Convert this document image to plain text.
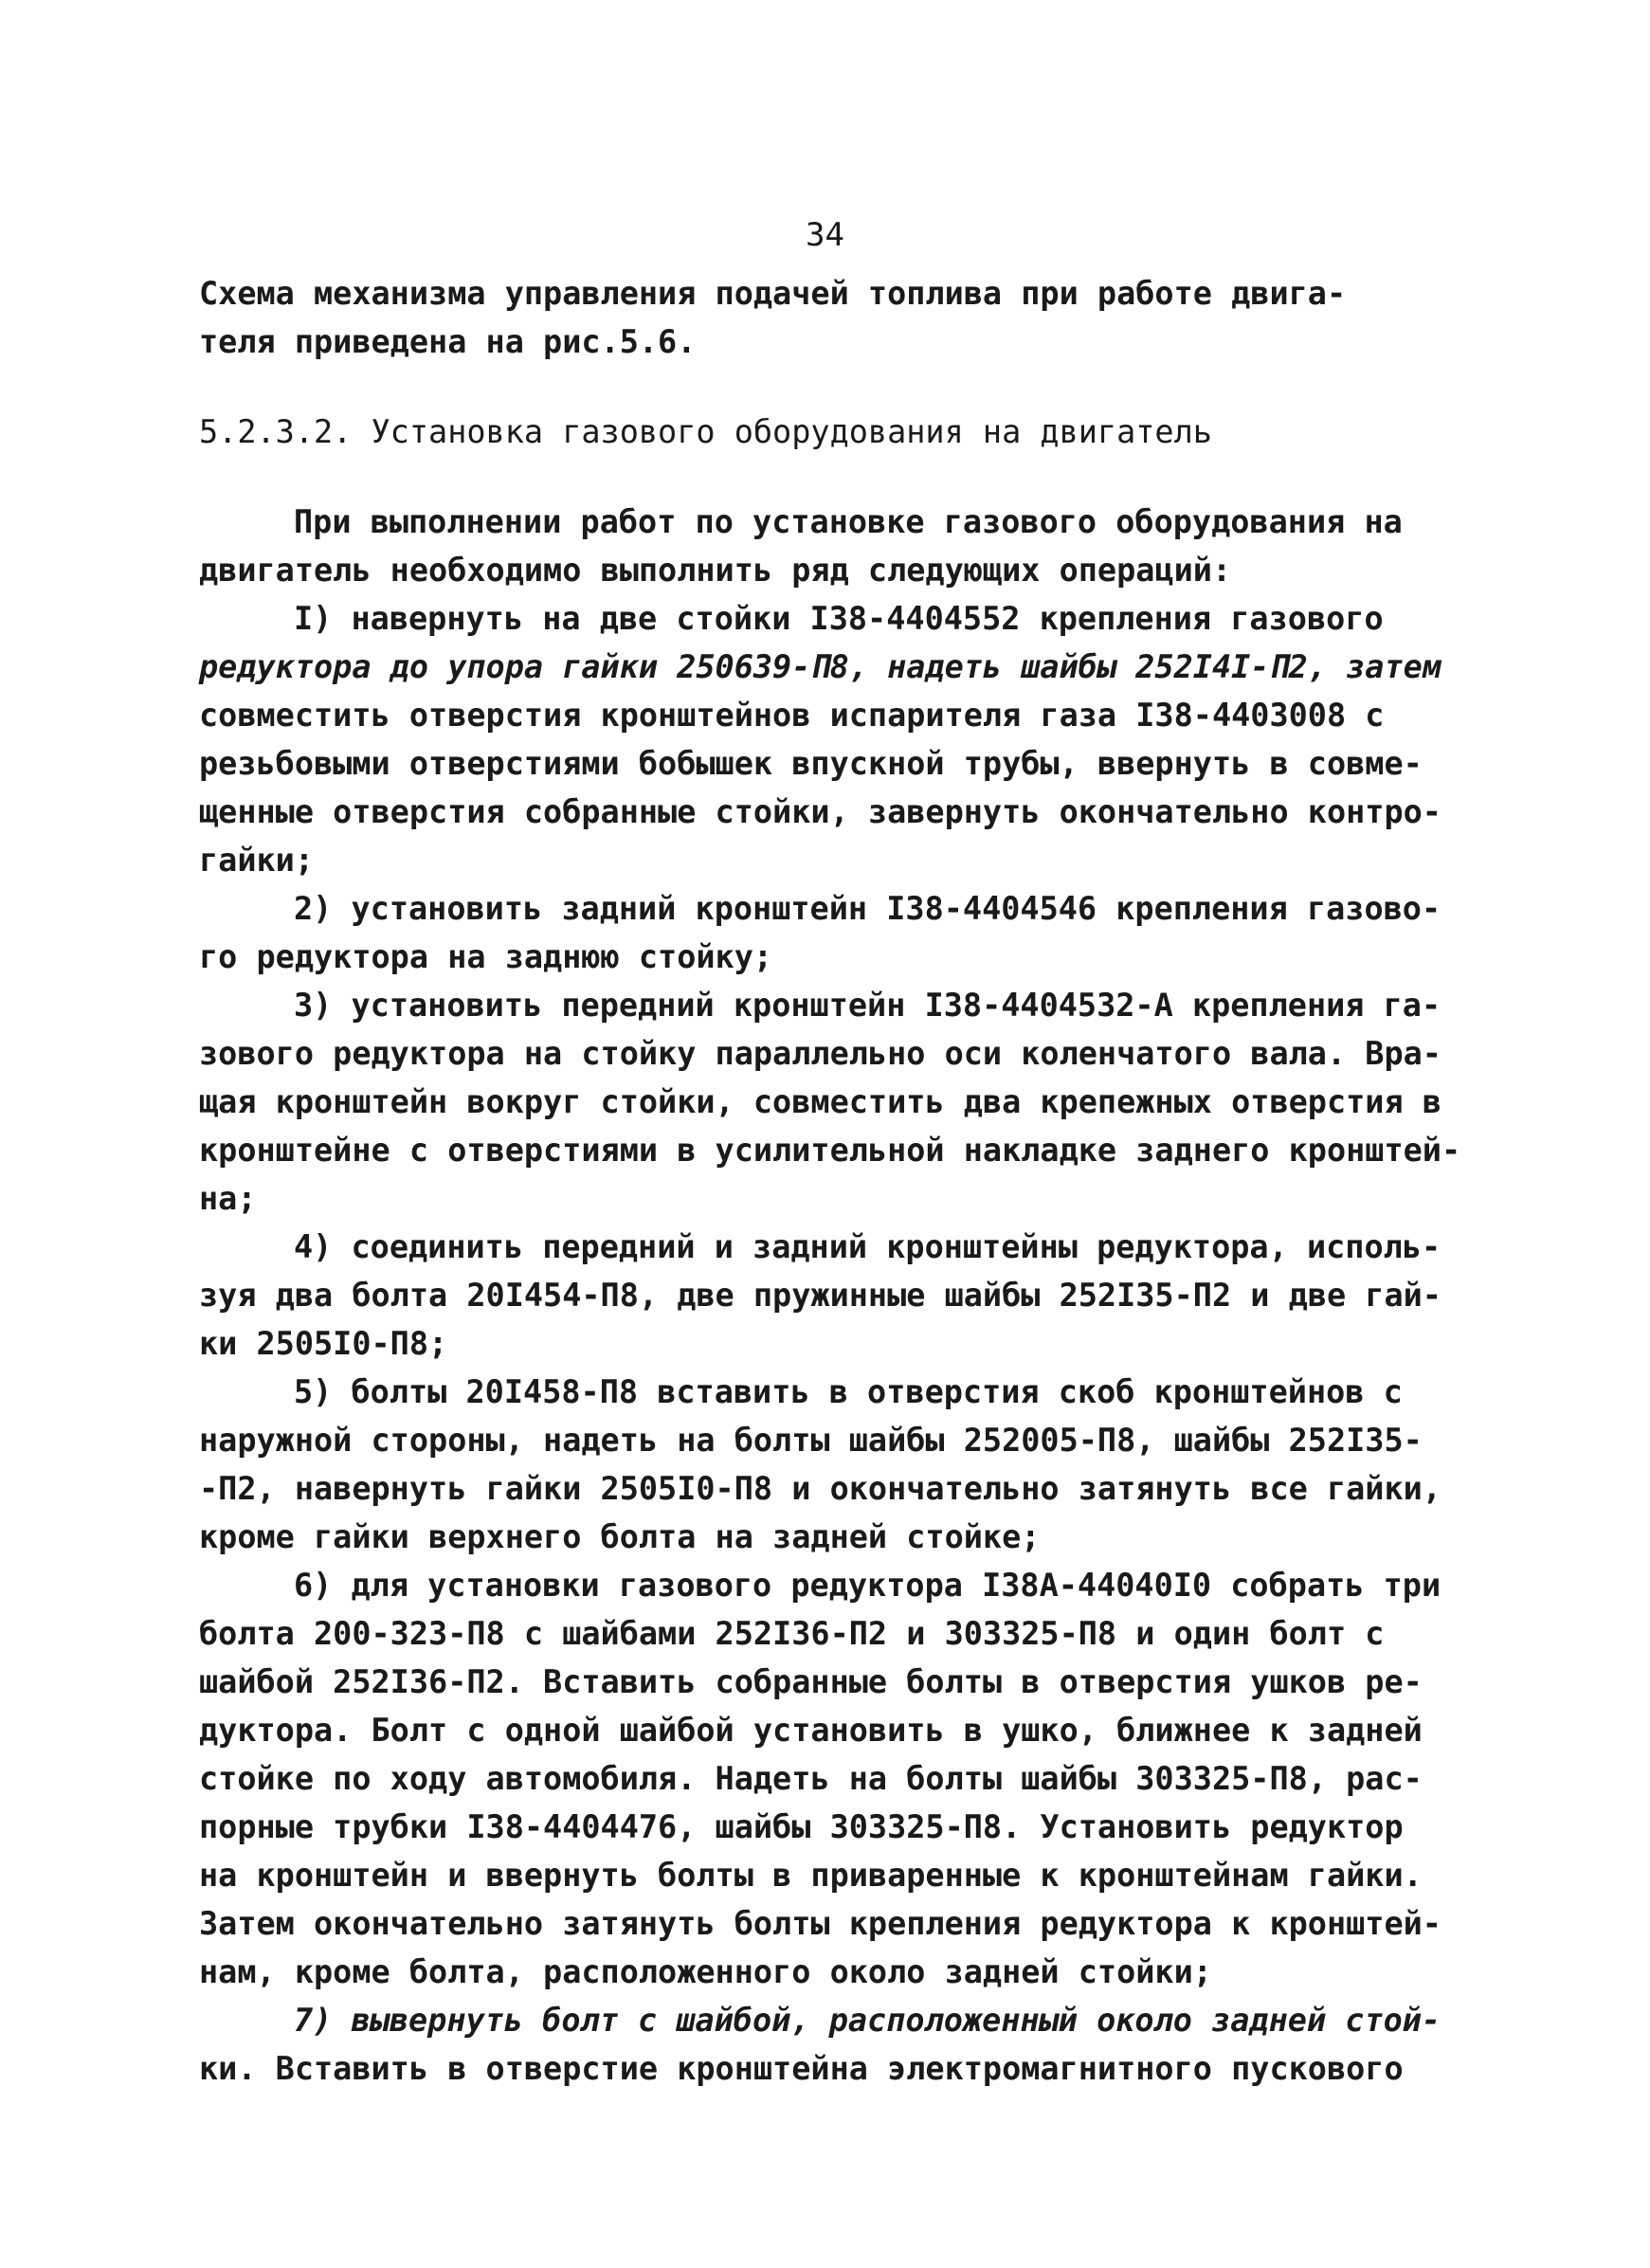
34
Схема механизма управления подачей топлива при работе двига-
теля приведена на рис.5.6.
5.2.3.2. Установка газового оборудования на двигатель
При выполнении работ по установке газового оборудования на
двигатель необходимо выполнить ряд следующих операций:
I) навернуть на две стойки I38-4404552 крепления газового
редуктора до упора гайки 250639-П8, надеть шайбы 252I4I-П2, затем
совместить отверстия кронштейнов испарителя газа I38-4403008 с
резьбовыми отверстиями бобышек впускной трубы, ввернуть в совме-
щенные отверстия собранные стойки, завернуть окончательно контро-
гайки;
2) установить задний кронштейн I38-4404546 крепления газово-
го редуктора на заднюю стойку;
3) установить передний кронштейн I38-4404532-А крепления га-
зового редуктора на стойку параллельно оси коленчатого вала. Вра-
щая кронштейн вокруг стойки, совместить два крепежных отверстия в
кронштейне с отверстиями в усилительной накладке заднего кронштей-
на;
4) соединить передний и задний кронштейны редуктора, исполь-
зуя два болта 20I454-П8, две пружинные шайбы 252I35-П2 и две гай-
ки 2505I0-П8;
5) болты 20I458-П8 вставить в отверстия скоб кронштейнов с
наружной стороны, надеть на болты шайбы 252005-П8, шайбы 252I35-
-П2, навернуть гайки 2505I0-П8 и окончательно затянуть все гайки,
кроме гайки верхнего болта на задней стойке;
6) для установки газового редуктора I38А-44040I0 собрать три
болта 200-323-П8 с шайбами 252I36-П2 и 303325-П8 и один болт с
шайбой 252I36-П2. Вставить собранные болты в отверстия ушков ре-
дуктора. Болт с одной шайбой установить в ушко, ближнее к задней
стойке по ходу автомобиля. Надеть на болты шайбы 303325-П8, рас-
порные трубки I38-4404476, шайбы 303325-П8. Установить редуктор
на кронштейн и ввернуть болты в приваренные к кронштейнам гайки.
Затем окончательно затянуть болты крепления редуктора к кронштей-
нам, кроме болта, расположенного около задней стойки;
7) вывернуть болт с шайбой, расположенный около задней стой-
ки. Вставить в отверстие кронштейна электромагнитного пускового
